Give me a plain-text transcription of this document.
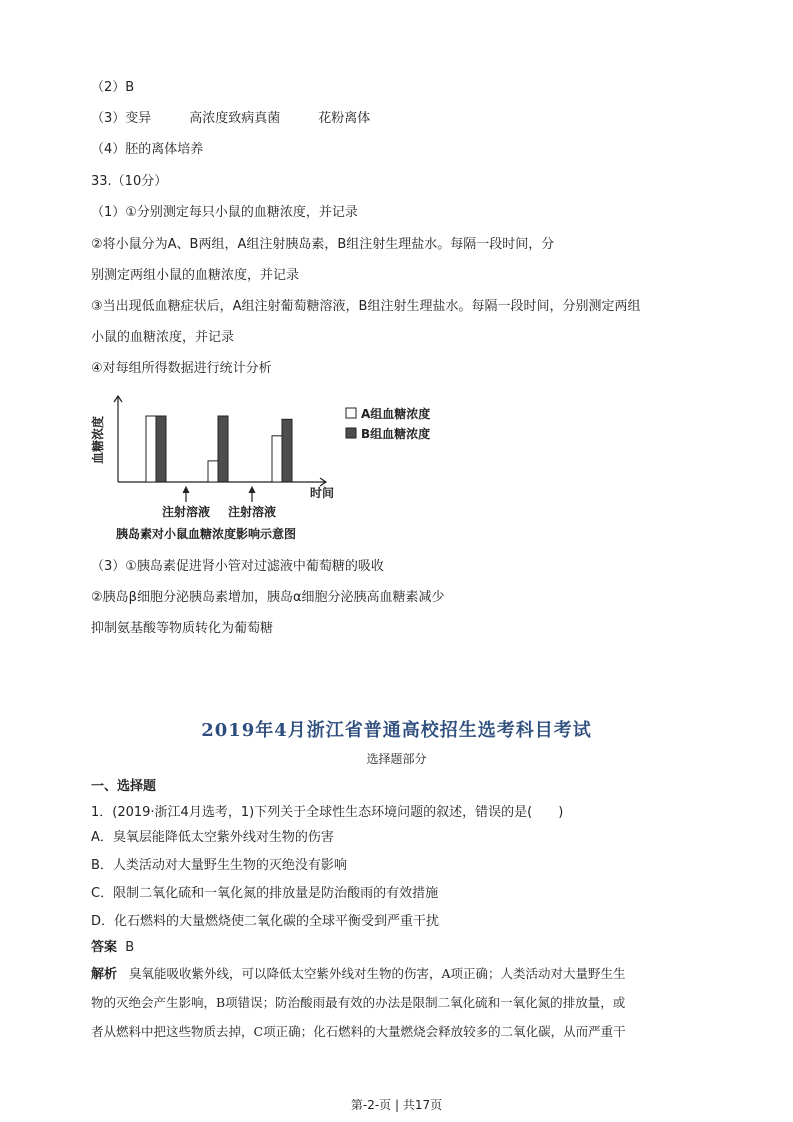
（2）B
（3）变异	高浓度致病真菌	花粉离体
（4）胚的离体培养
33.（10分）
（1）①分别测定每只小鼠的血糖浓度，并记录
②将小鼠分为A、B两组，A组注射胰岛素，B组注射生理盐水。每隔一段时间，分
别测定两组小鼠的血糖浓度，并记录
③当出现低血糖症状后，A组注射葡萄糖溶液，B组注射生理盐水。每隔一段时间，分别测定两组
小鼠的血糖浓度，并记录
④对每组所得数据进行统计分析
血糖浓度
时间
注射溶液 注射溶液
胰岛素对小鼠血糖浓度影响示意图
A组血糖浓度
B组血糖浓度
（3）①胰岛素促进肾小管对过滤液中葡萄糖的吸收
②胰岛β细胞分泌胰岛素增加，胰岛α细胞分泌胰高血糖素减少
抑制氨基酸等物质转化为葡萄糖
2019年4月浙江省普通高校招生选考科目考试
选择题部分
一、选择题
1．(2019·浙江4月选考，1)下列关于全球性生态环境问题的叙述，错误的是(　　)
A．臭氧层能降低太空紫外线对生物的伤害
B．人类活动对大量野生生物的灭绝没有影响
C．限制二氧化硫和一氧化氮的排放量是防治酸雨的有效措施
D．化石燃料的大量燃烧使二氧化碳的全球平衡受到严重干扰
答案 B
解析 臭氧能吸收紫外线，可以降低太空紫外线对生物的伤害，A项正确；人类活动对大量野生生
物的灭绝会产生影响，B项错误；防治酸雨最有效的办法是限制二氧化硫和一氧化氮的排放量，或
者从燃料中把这些物质去掉，C项正确；化石燃料的大量燃烧会释放较多的二氧化碳，从而严重干
第-2-页 | 共17页
